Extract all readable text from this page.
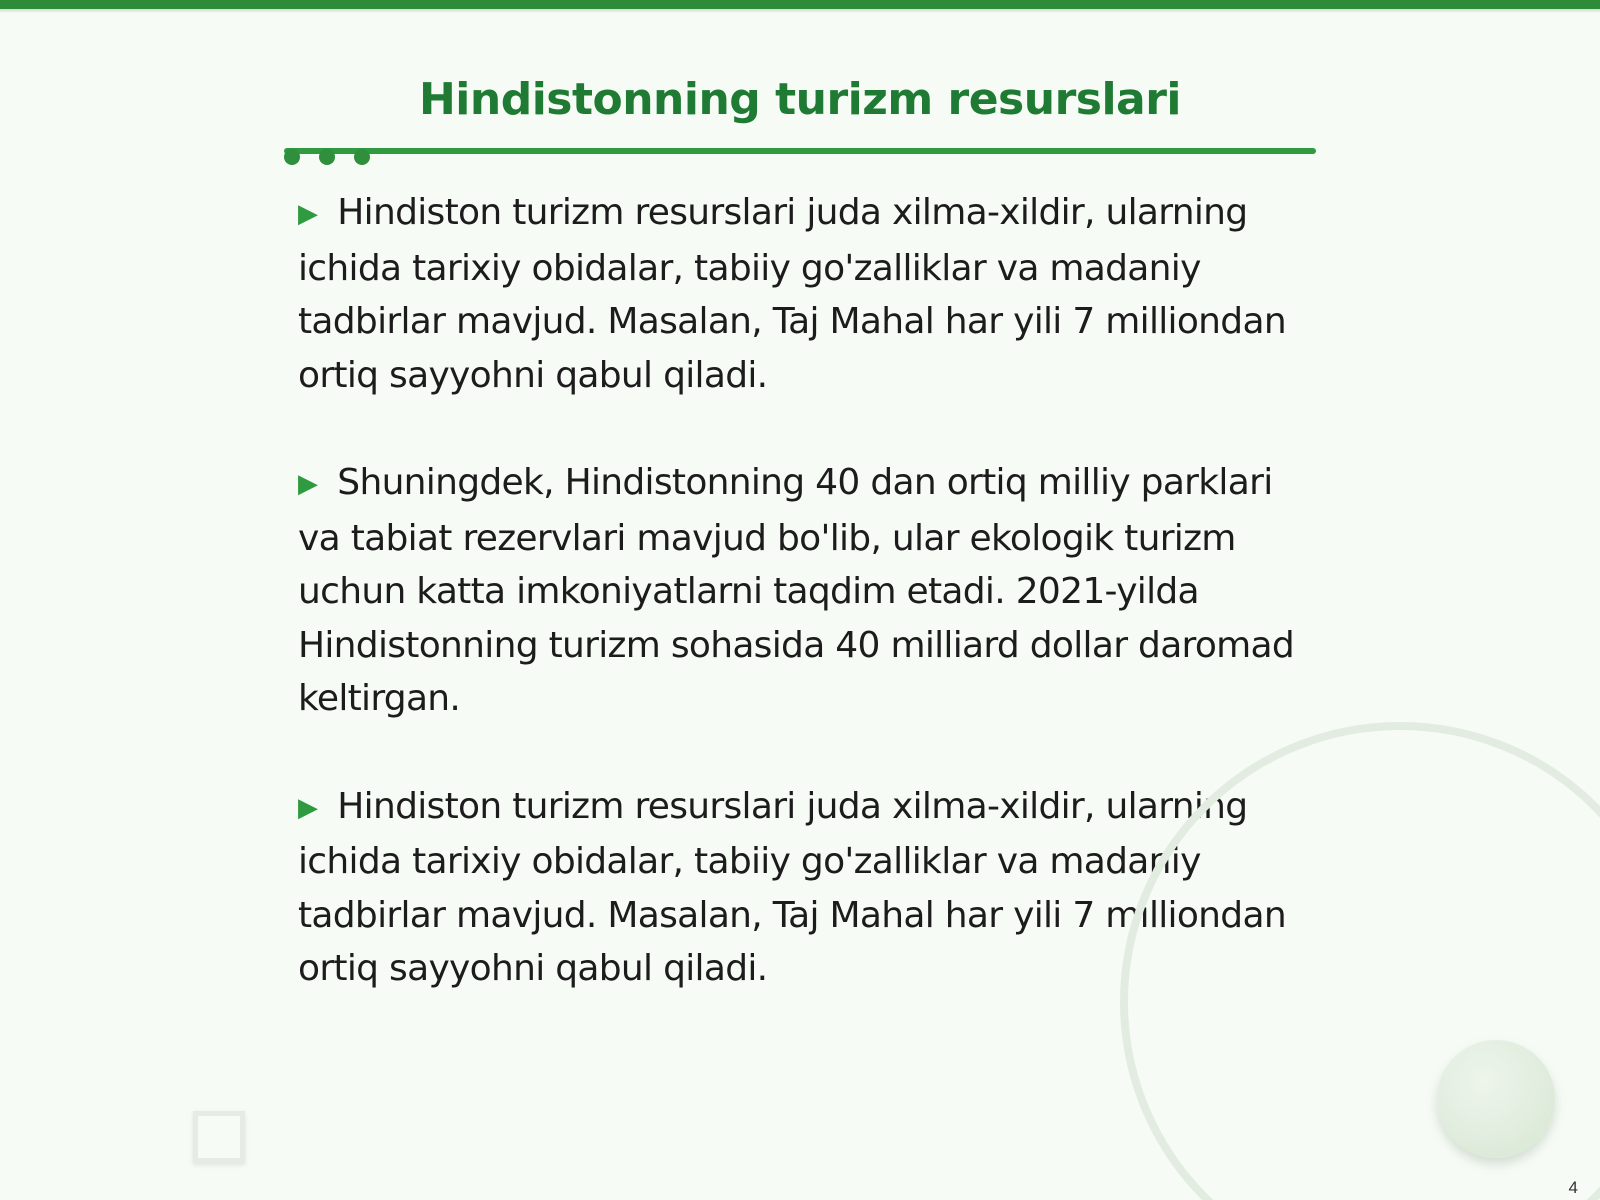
Hindistonning turizm resurslari
▶ Hindiston turizm resurslari juda xilma-xildir, ularning ichida tarixiy obidalar, tabiiy go'zalliklar va madaniy tadbirlar mavjud. Masalan, Taj Mahal har yili 7 milliondan ortiq sayyohni qabul qiladi.
▶ Shuningdek, Hindistonning 40 dan ortiq milliy parklari va tabiat rezervlari mavjud bo'lib, ular ekologik turizm uchun katta imkoniyatlarni taqdim etadi. 2021-yilda Hindistonning turizm sohasida 40 milliard dollar daromad keltirgan.
▶ Hindiston turizm resurslari juda xilma-xildir, ularning ichida tarixiy obidalar, tabiiy go'zalliklar va madaniy tadbirlar mavjud. Masalan, Taj Mahal har yili 7 milliondan ortiq sayyohni qabul qiladi.
4
